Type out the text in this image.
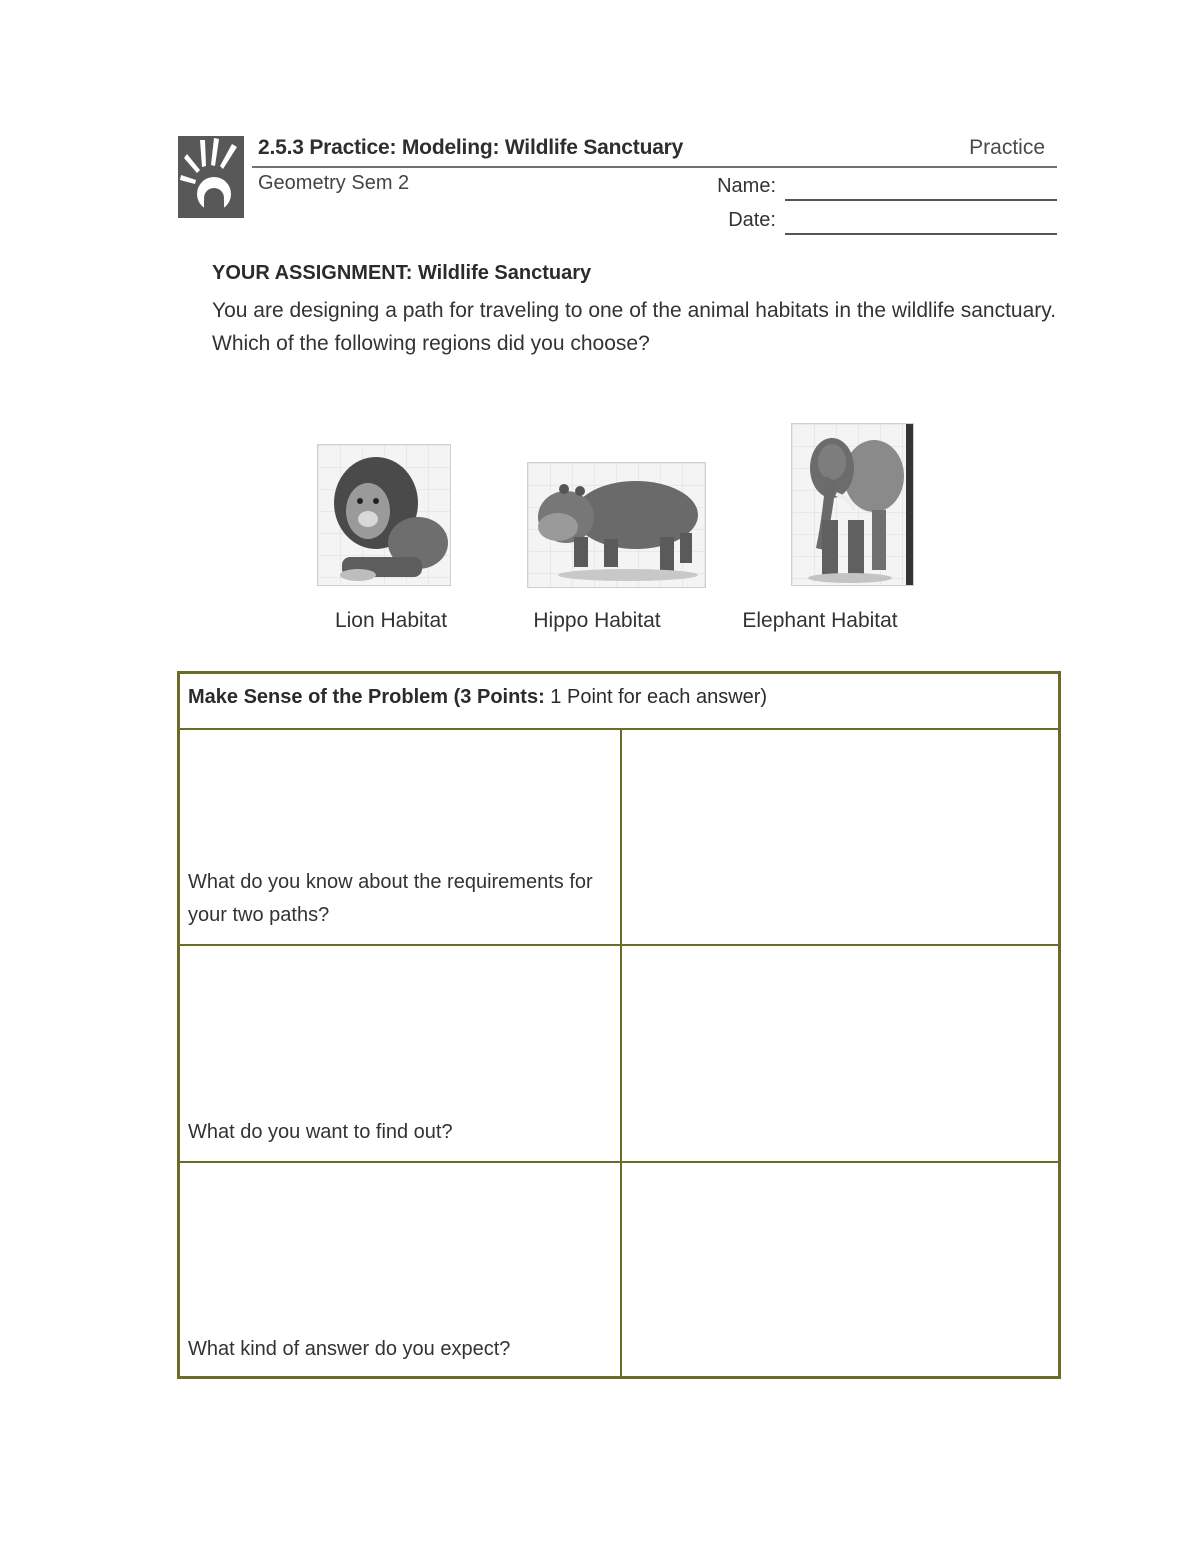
2.5.3 Practice: Modeling: Wildlife Sanctuary	Practice
Geometry Sem 2	Name:
Date:
YOUR ASSIGNMENT: Wildlife Sanctuary
You are designing a path for traveling to one of the animal habitats in the wildlife sanctuary. Which of the following regions did you choose?
Lion Habitat	Hippo Habitat	Elephant Habitat
Make Sense of the Problem (3 Points: 1 Point for each answer)
What do you know about the requirements for your two paths?
What do you want to find out?
What kind of answer do you expect?
